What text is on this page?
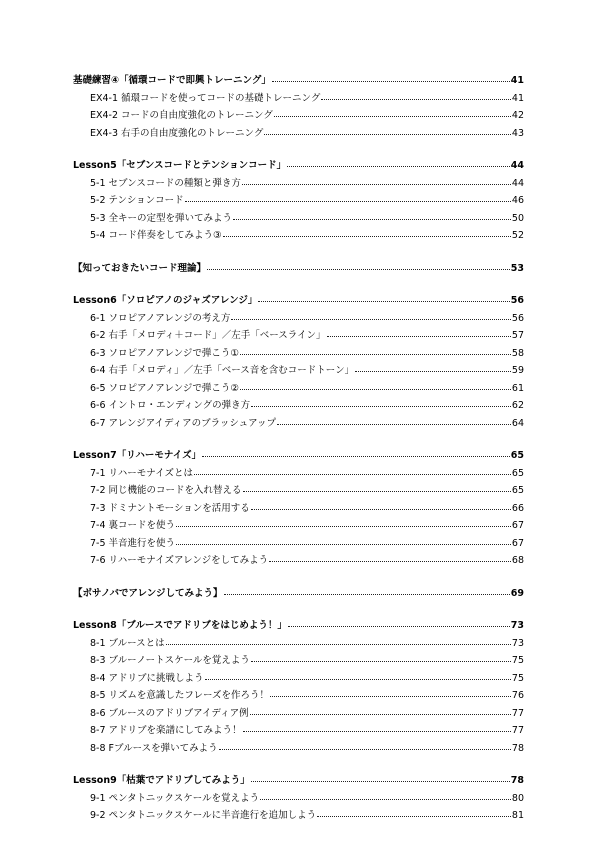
基礎練習④「循環コードで即興トレーニング」	41
EX4-1 循環コードを使ってコードの基礎トレーニング	41
EX4-2 コードの自由度強化のトレーニング	42
EX4-3 右手の自由度強化のトレーニング	43
Lesson5「セブンスコードとテンションコード」	44
5-1 セブンスコードの種類と弾き方	44
5-2 テンションコード	46
5-3 全キーの定型を弾いてみよう	50
5-4 コード伴奏をしてみよう③	52
【知っておきたいコード理論】	53
Lesson6「ソロピアノのジャズアレンジ」	56
6-1 ソロピアノアレンジの考え方	56
6-2 右手「メロディ＋コード」／左手「ベースライン」	57
6-3 ソロピアノアレンジで弾こう①	58
6-4 右手「メロディ」／左手「ベース音を含むコードトーン」	59
6-5 ソロピアノアレンジで弾こう②	61
6-6 イントロ・エンディングの弾き方	62
6-7 アレンジアイディアのブラッシュアップ	64
Lesson7「リハーモナイズ」	65
7-1 リハーモナイズとは	65
7-2 同じ機能のコードを入れ替える	65
7-3 ドミナントモーションを活用する	66
7-4 裏コードを使う	67
7-5 半音進行を使う	67
7-6 リハーモナイズアレンジをしてみよう	68
【ボサノバでアレンジしてみよう】	69
Lesson8「ブルースでアドリブをはじめよう！」	73
8-1 ブルースとは	73
8-3 ブルーノートスケールを覚えよう	75
8-4 アドリブに挑戦しよう	75
8-5 リズムを意識したフレーズを作ろう！	76
8-6 ブルースのアドリブアイディア例	77
8-7 アドリブを楽譜にしてみよう！	77
8-8 Fブルースを弾いてみよう	78
Lesson9「枯葉でアドリブしてみよう」	78
9-1 ペンタトニックスケールを覚えよう	80
9-2 ペンタトニックスケールに半音進行を追加しよう	81
